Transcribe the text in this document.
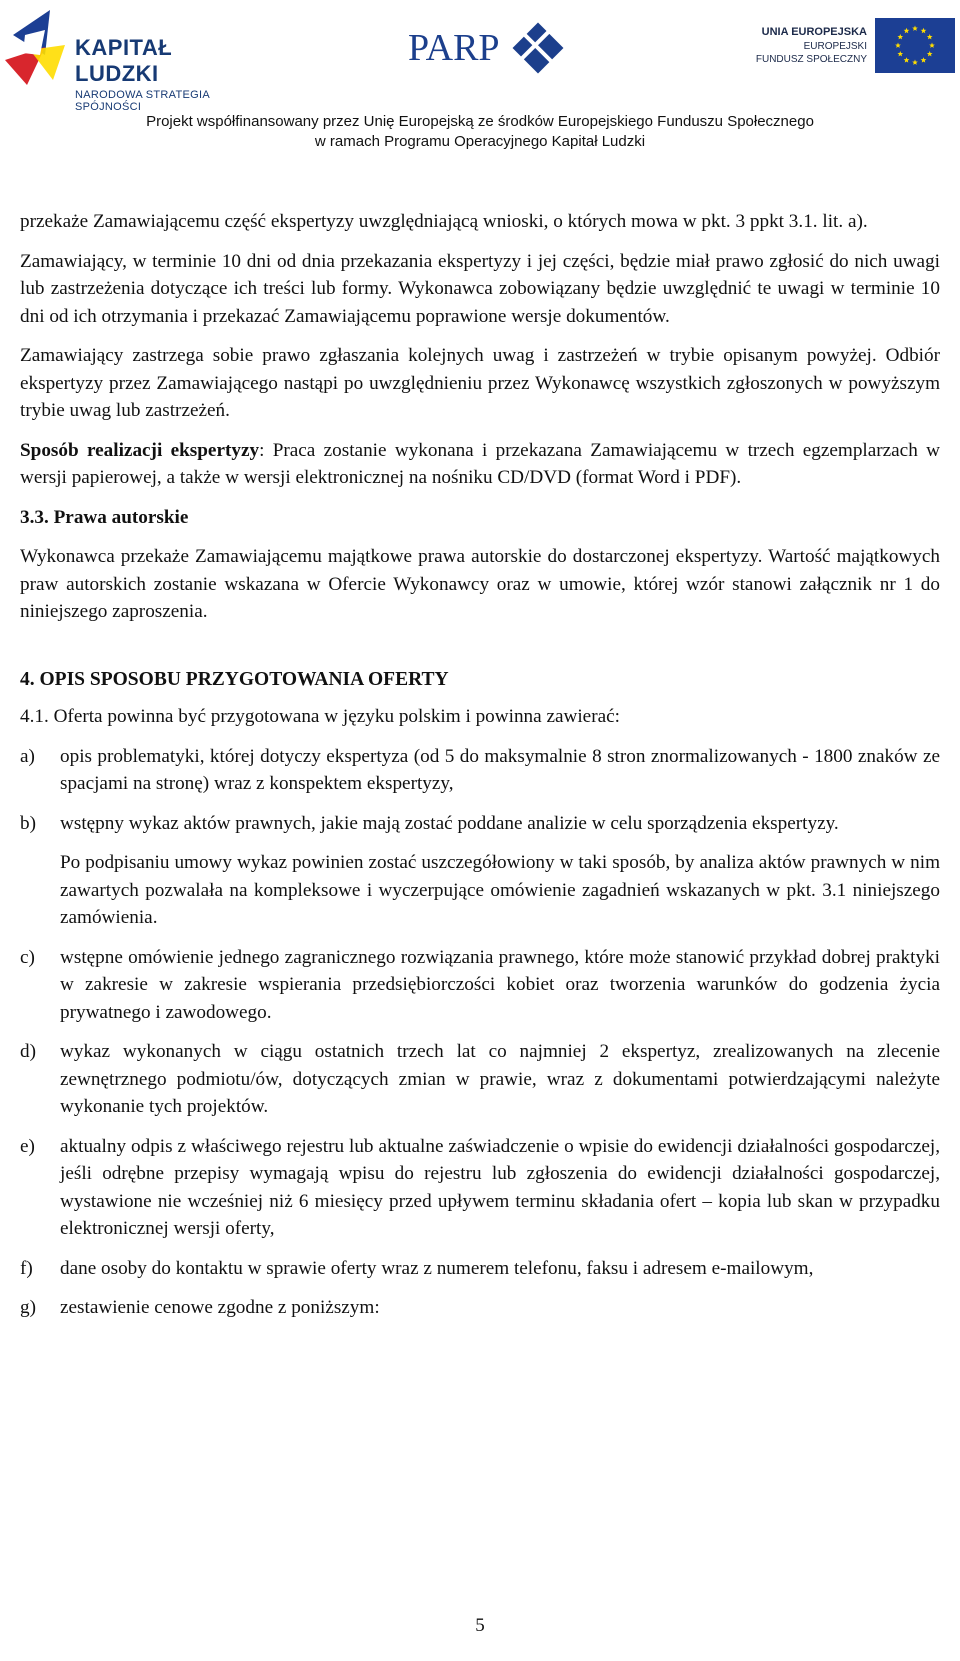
KAPITAŁ LUDZKI
NARODOWA STRATEGIA SPÓJNOŚCI
PARP	UNIA EUROPEJSKA
EUROPEJSKI
FUNDUSZ SPOŁECZNY
Projekt współfinansowany przez Unię Europejską ze środków Europejskiego Funduszu Społecznego
w ramach Programu Operacyjnego Kapitał Ludzki

przekaże Zamawiającemu część ekspertyzy uwzględniającą wnioski, o których mowa w pkt. 3 ppkt 3.1. lit. a).

Zamawiający, w terminie 10 dni od dnia przekazania ekspertyzy i jej części, będzie miał prawo zgłosić do nich uwagi lub zastrzeżenia dotyczące ich treści lub formy. Wykonawca zobowiązany będzie uwzględnić te uwagi w terminie 10 dni od ich otrzymania i przekazać Zamawiającemu poprawione wersje dokumentów.

Zamawiający zastrzega sobie prawo zgłaszania kolejnych uwag i zastrzeżeń w trybie opisanym powyżej. Odbiór ekspertyzy przez Zamawiającego nastąpi po uwzględnieniu przez Wykonawcę wszystkich zgłoszonych w powyższym trybie uwag lub zastrzeżeń.

Sposób realizacji ekspertyzy: Praca zostanie wykonana i przekazana Zamawiającemu w trzech egzemplarzach w wersji papierowej, a także w wersji elektronicznej na nośniku CD/DVD (format Word i PDF).

3.3. Prawa autorskie

Wykonawca przekaże Zamawiającemu majątkowe prawa autorskie do dostarczonej ekspertyzy. Wartość majątkowych praw autorskich zostanie wskazana w Ofercie Wykonawcy oraz w umowie, której wzór stanowi załącznik nr 1 do niniejszego zaproszenia.

4. OPIS SPOSOBU PRZYGOTOWANIA OFERTY

4.1. Oferta powinna być przygotowana w języku polskim i powinna zawierać:

a) opis problematyki, której dotyczy ekspertyza (od 5 do maksymalnie 8 stron znormalizowanych - 1800 znaków ze spacjami na stronę) wraz z konspektem ekspertyzy,
b) wstępny wykaz aktów prawnych, jakie mają zostać poddane analizie w celu sporządzenia ekspertyzy.
Po podpisaniu umowy wykaz powinien zostać uszczegółowiony w taki sposób, by analiza aktów prawnych w nim zawartych pozwalała na kompleksowe i wyczerpujące omówienie zagadnień wskazanych w pkt. 3.1 niniejszego zamówienia.
c) wstępne omówienie jednego zagranicznego rozwiązania prawnego, które może stanowić przykład dobrej praktyki w zakresie w zakresie wspierania przedsiębiorczości kobiet oraz tworzenia warunków do godzenia życia prywatnego i zawodowego.
d) wykaz wykonanych w ciągu ostatnich trzech lat co najmniej 2 ekspertyz, zrealizowanych na zlecenie zewnętrznego podmiotu/ów, dotyczących zmian w prawie, wraz z dokumentami potwierdzającymi należyte wykonanie tych projektów.
e) aktualny odpis z właściwego rejestru lub aktualne zaświadczenie o wpisie do ewidencji działalności gospodarczej, jeśli odrębne przepisy wymagają wpisu do rejestru lub zgłoszenia do ewidencji działalności gospodarczej, wystawione nie wcześniej niż 6 miesięcy przed upływem terminu składania ofert – kopia lub skan w przypadku elektronicznej wersji oferty,
f) dane osoby do kontaktu w sprawie oferty wraz z numerem telefonu, faksu i adresem e-mailowym,
g) zestawienie cenowe zgodne z poniższym:
5
